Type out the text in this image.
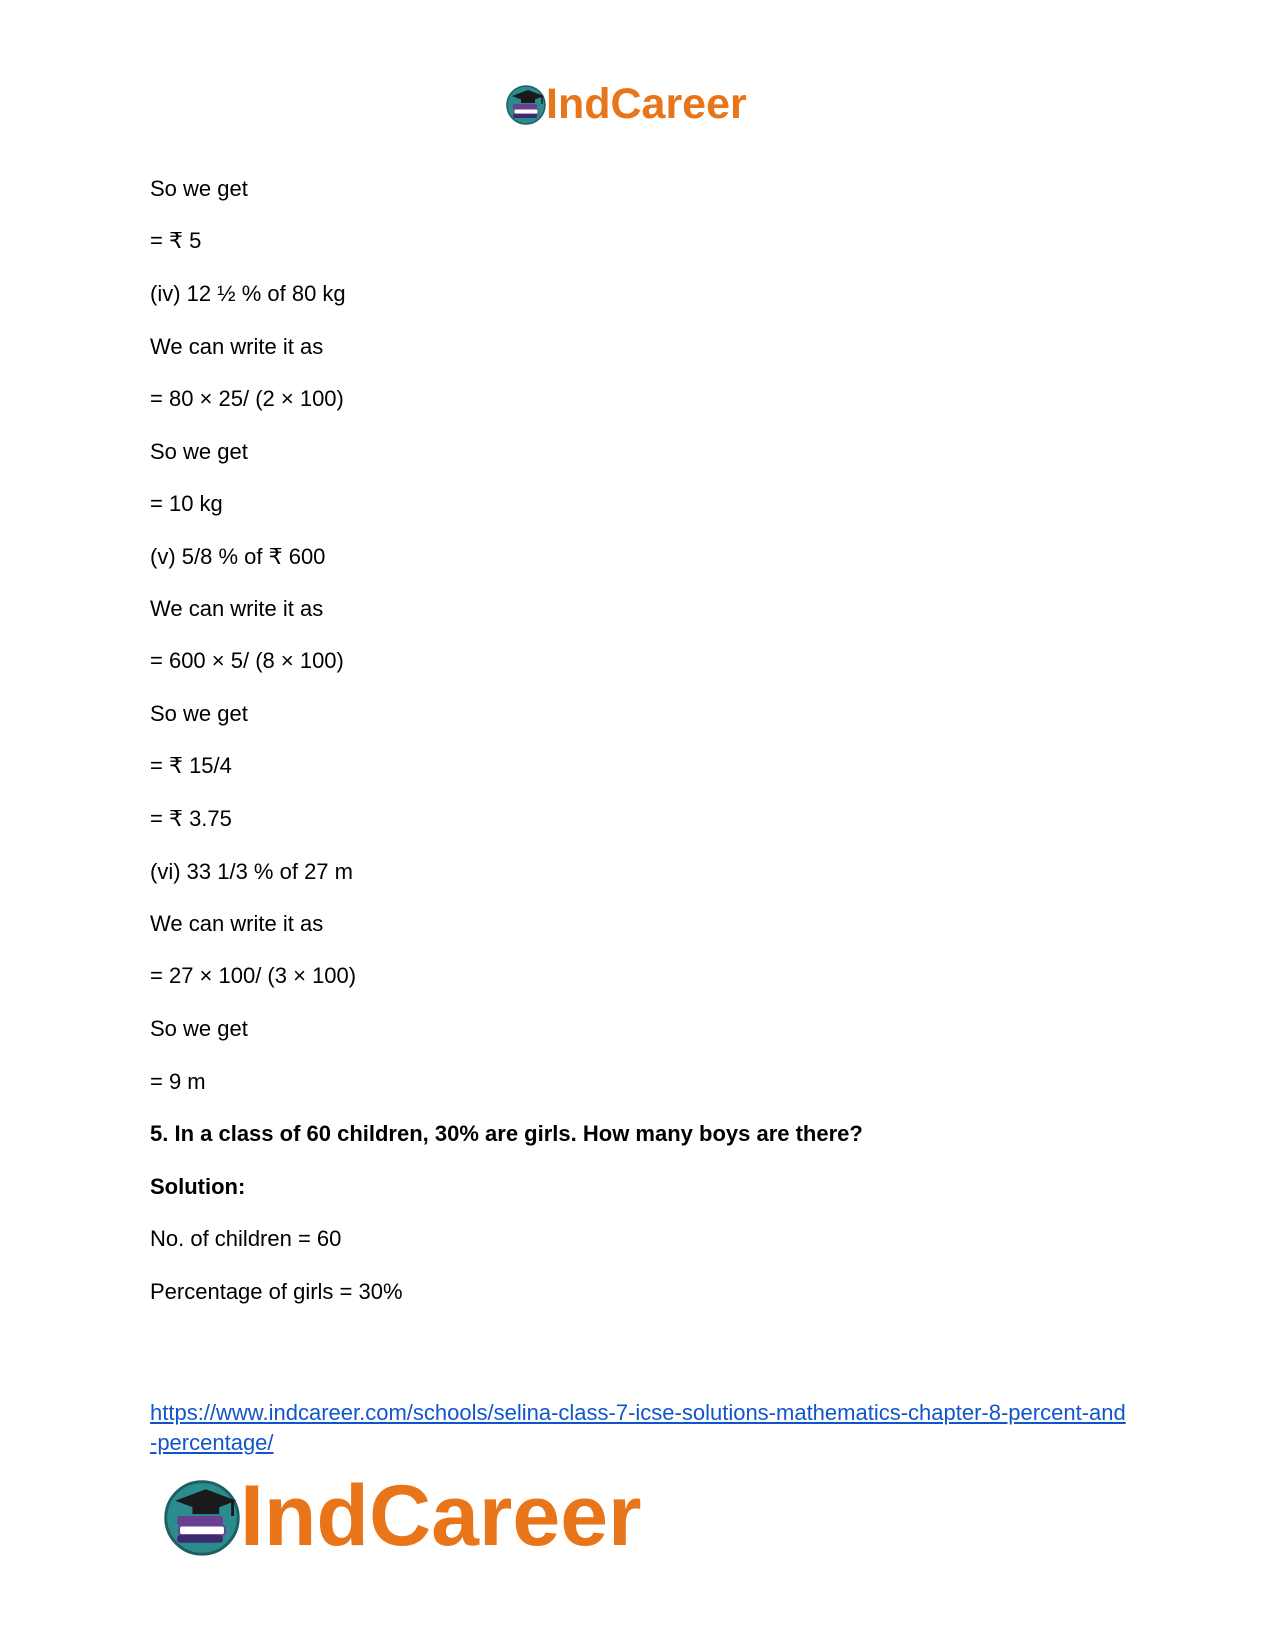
IndCareer
So we get
= ₹ 5
(iv) 12 ½ % of 80 kg
We can write it as
= 80 × 25/ (2 × 100)
So we get
= 10 kg
(v) 5/8 % of ₹ 600
We can write it as
= 600 × 5/ (8 × 100)
So we get
= ₹ 15/4
= ₹ 3.75
(vi) 33 1/3 % of 27 m
We can write it as
= 27 × 100/ (3 × 100)
So we get
= 9 m
5. In a class of 60 children, 30% are girls. How many boys are there?
Solution:
No. of children = 60
Percentage of girls = 30%
https://www.indcareer.com/schools/selina-class-7-icse-solutions-mathematics-chapter-8-percent-and-percentage/
IndCareer
